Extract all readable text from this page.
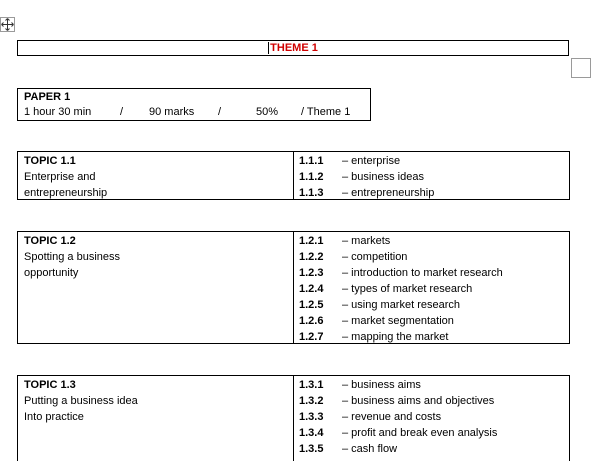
THEME 1
PAPER 1
1 hour 30 min	/ 90 marks /	50% / Theme 1
TOPIC 1.1
Enterprise and
entrepreneurship
1.1.1 – enterprise
1.1.2 – business ideas
1.1.3 – entrepreneurship
TOPIC 1.2
Spotting a business
opportunity
1.2.1 – markets
1.2.2 – competition
1.2.3 – introduction to market research
1.2.4 – types of market research
1.2.5 – using market research
1.2.6 – market segmentation
1.2.7 – mapping the market
TOPIC 1.3
Putting a business idea
Into practice
1.3.1 – business aims
1.3.2 – business aims and objectives
1.3.3 – revenue and costs
1.3.4 – profit and break even analysis
1.3.5 – cash flow
